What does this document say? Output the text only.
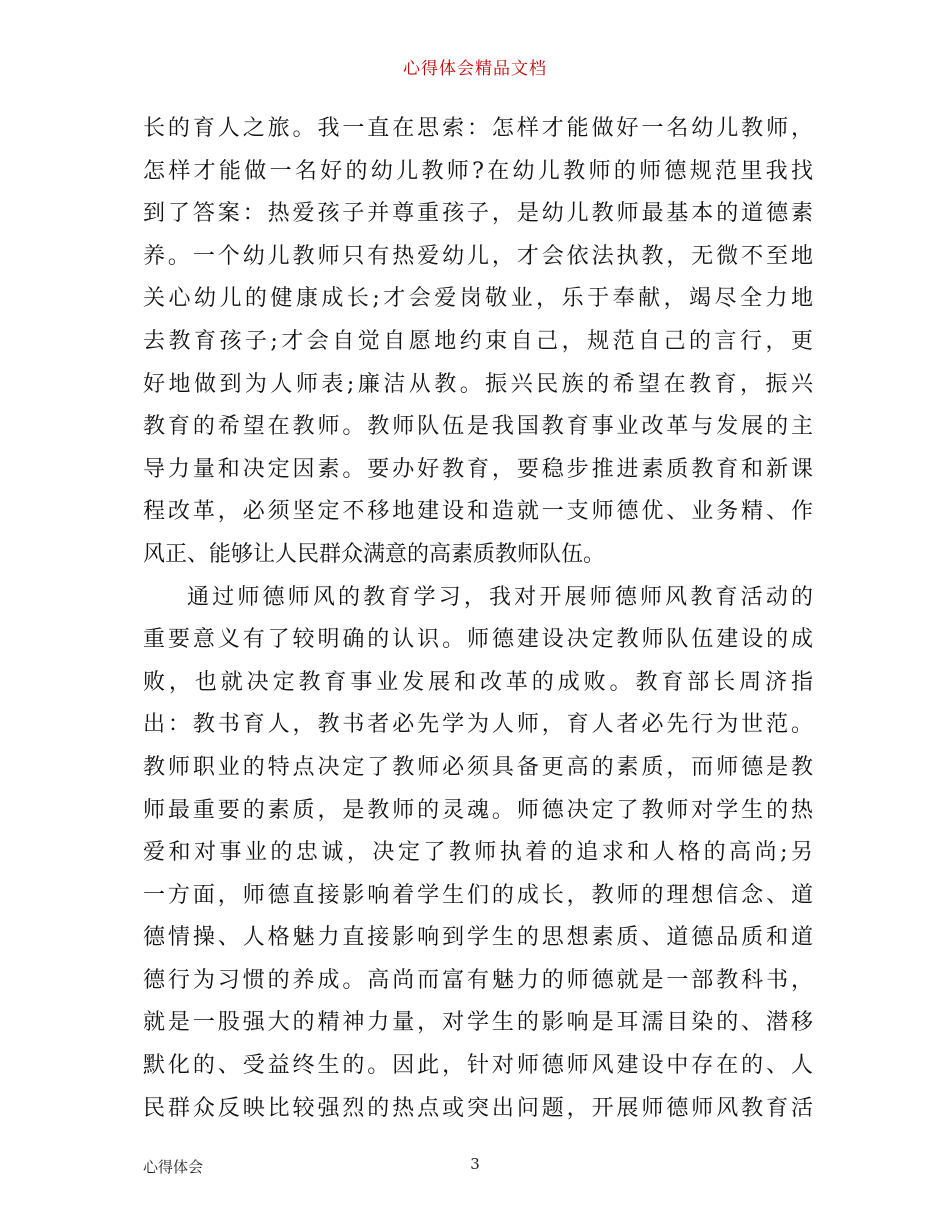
心得体会精品文档
长的育人之旅。我一直在思索：怎样才能做好一名幼儿教师，
怎样才能做一名好的幼儿教师?在幼儿教师的师德规范里我找
到了答案：热爱孩子并尊重孩子，是幼儿教师最基本的道德素
养。一个幼儿教师只有热爱幼儿，才会依法执教，无微不至地
关心幼儿的健康成长;才会爱岗敬业，乐于奉献，竭尽全力地
去教育孩子;才会自觉自愿地约束自己，规范自己的言行，更
好地做到为人师表;廉洁从教。振兴民族的希望在教育，振兴
教育的希望在教师。教师队伍是我国教育事业改革与发展的主
导力量和决定因素。要办好教育，要稳步推进素质教育和新课
程改革，必须坚定不移地建设和造就一支师德优、业务精、作
风正、能够让人民群众满意的高素质教师队伍。
通过师德师风的教育学习，我对开展师德师风教育活动的
重要意义有了较明确的认识。师德建设决定教师队伍建设的成
败，也就决定教育事业发展和改革的成败。教育部长周济指
出：教书育人，教书者必先学为人师，育人者必先行为世范。
教师职业的特点决定了教师必须具备更高的素质，而师德是教
师最重要的素质，是教师的灵魂。师德决定了教师对学生的热
爱和对事业的忠诚，决定了教师执着的追求和人格的高尚;另
一方面，师德直接影响着学生们的成长，教师的理想信念、道
德情操、人格魅力直接影响到学生的思想素质、道德品质和道
德行为习惯的养成。高尚而富有魅力的师德就是一部教科书，
就是一股强大的精神力量，对学生的影响是耳濡目染的、潜移
默化的、受益终生的。因此，针对师德师风建设中存在的、人
民群众反映比较强烈的热点或突出问题，开展师德师风教育活
心得体会	3
